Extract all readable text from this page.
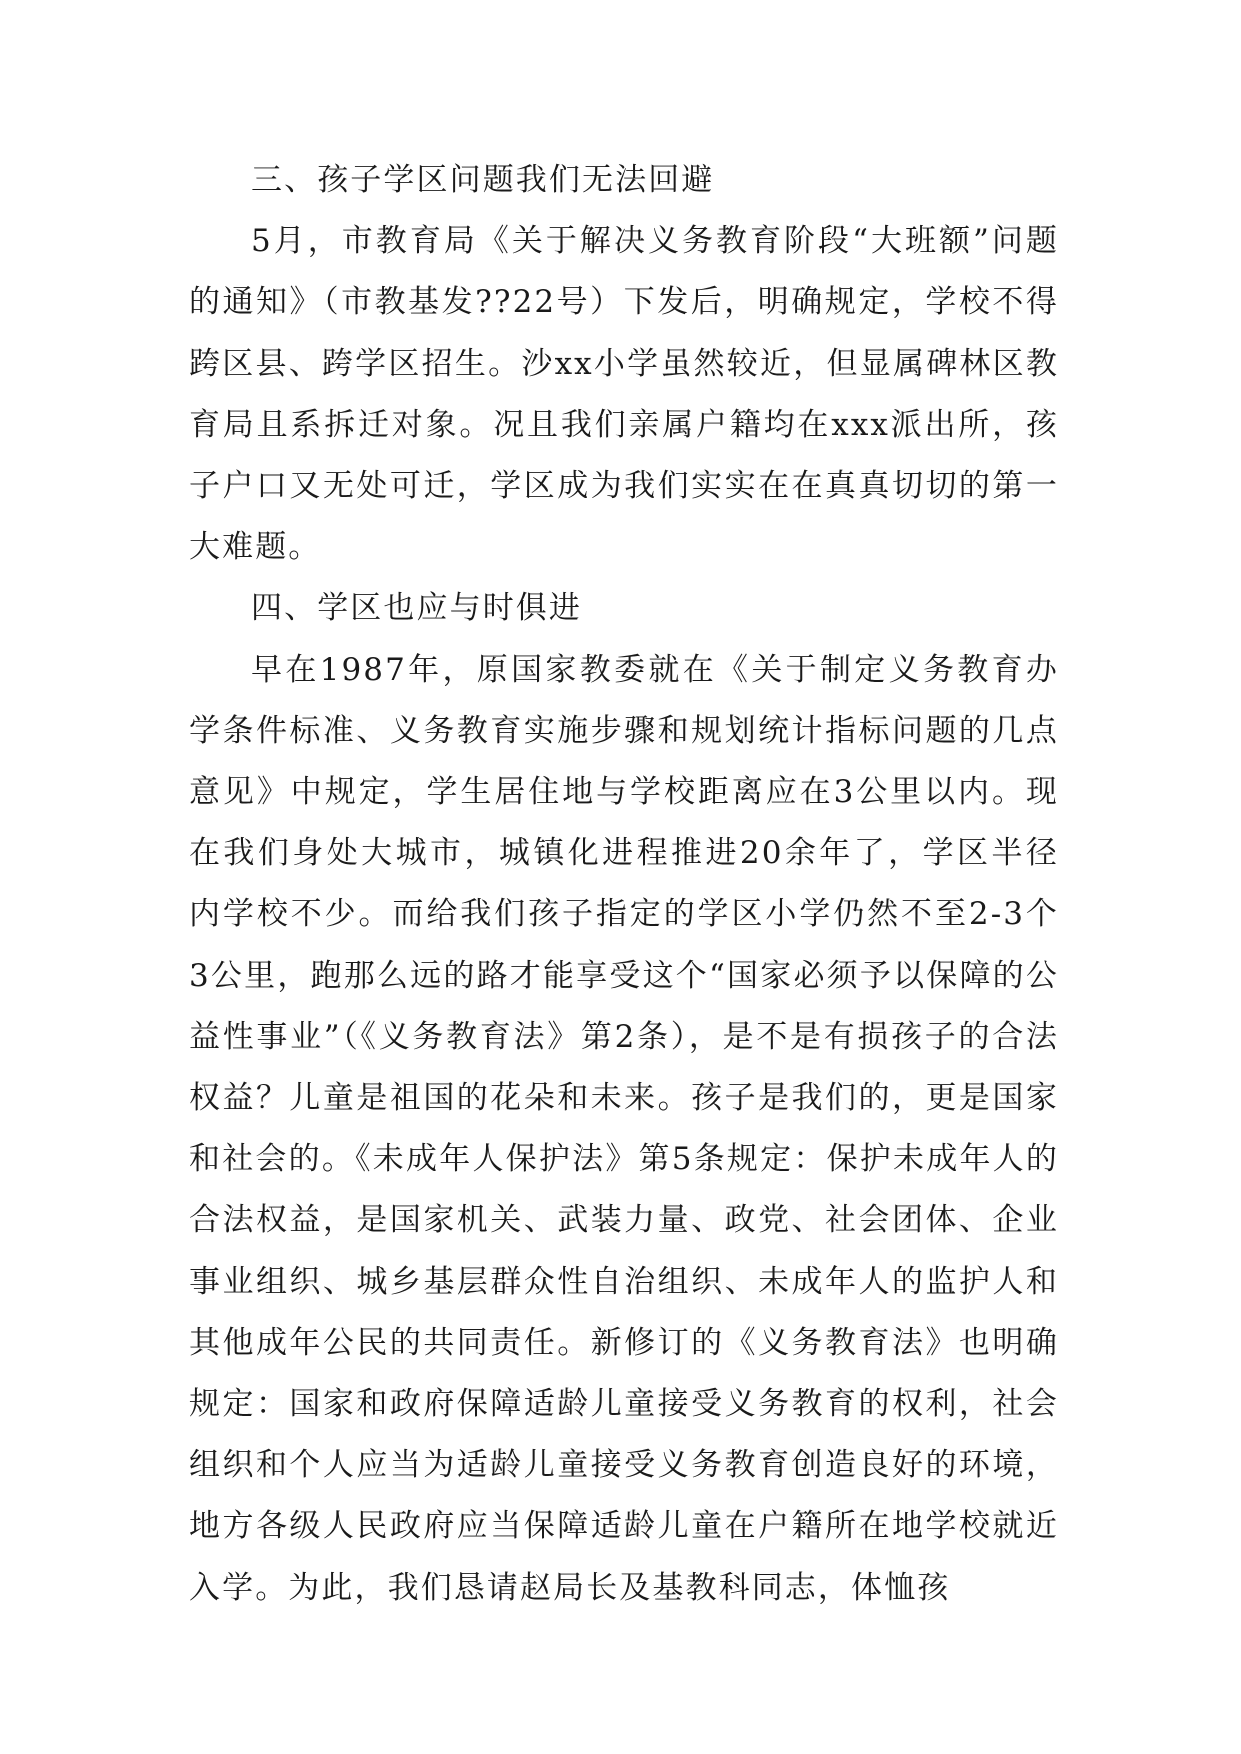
三、孩子学区问题我们无法回避

5月，市教育局《关于解决义务教育阶段“大班额”问题的通知》（市教基发??22号）下发后，明确规定，学校不得跨区县、跨学区招生。沙xx小学虽然较近，但显属碑林区教育局且系拆迁对象。况且我们亲属户籍均在xxx派出所，孩子户口又无处可迁，学区成为我们实实在在真真切切的第一大难题。

四、学区也应与时俱进

早在1987年，原国家教委就在《关于制定义务教育办学条件标准、义务教育实施步骤和规划统计指标问题的几点意见》中规定，学生居住地与学校距离应在3公里以内。现在我们身处大城市，城镇化进程推进20余年了，学区半径内学校不少。而给我们孩子指定的学区小学仍然不至2-3个3公里，跑那么远的路才能享受这个“国家必须予以保障的公益性事业”（《义务教育法》第2条），是不是有损孩子的合法权益？儿童是祖国的花朵和未来。孩子是我们的，更是国家和社会的。《未成年人保护法》第5条规定：保护未成年人的合法权益，是国家机关、武装力量、政党、社会团体、企业事业组织、城乡基层群众性自治组织、未成年人的监护人和其他成年公民的共同责任。新修订的《义务教育法》也明确规定：国家和政府保障适龄儿童接受义务教育的权利，社会组织和个人应当为适龄儿童接受义务教育创造良好的环境，地方各级人民政府应当保障适龄儿童在户籍所在地学校就近入学。为此，我们恳请赵局长及基教科同志，体恤孩
